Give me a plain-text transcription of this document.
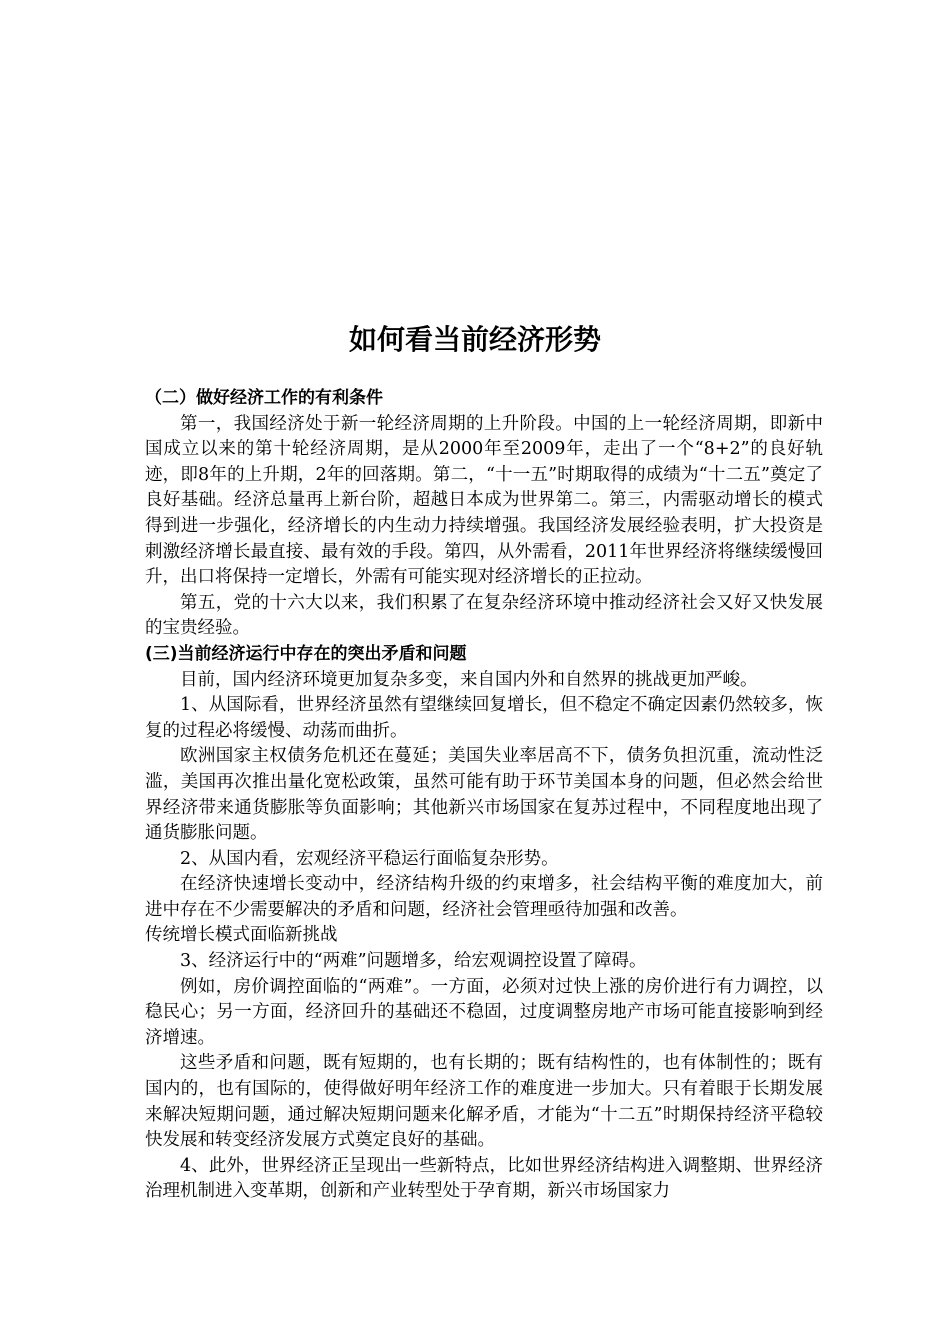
如何看当前经济形势
（二）做好经济工作的有利条件

第一，我国经济处于新一轮经济周期的上升阶段。中国的上一轮经济周期，即新中国成立以来的第十轮经济周期，是从2000年至2009年，走出了一个“8+2”的良好轨迹，即8年的上升期，2年的回落期。第二，“十一五”时期取得的成绩为“十二五”奠定了良好基础。经济总量再上新台阶，超越日本成为世界第二。第三，内需驱动增长的模式得到进一步强化，经济增长的内生动力持续增强。我国经济发展经验表明，扩大投资是刺激经济增长最直接、最有效的手段。第四，从外需看，2011年世界经济将继续缓慢回升，出口将保持一定增长，外需有可能实现对经济增长的正拉动。

第五，党的十六大以来，我们积累了在复杂经济环境中推动经济社会又好又快发展的宝贵经验。

(三)当前经济运行中存在的突出矛盾和问题

目前，国内经济环境更加复杂多变，来自国内外和自然界的挑战更加严峻。

1、从国际看，世界经济虽然有望继续回复增长，但不稳定不确定因素仍然较多，恢复的过程必将缓慢、动荡而曲折。

欧洲国家主权债务危机还在蔓延；美国失业率居高不下，债务负担沉重，流动性泛滥，美国再次推出量化宽松政策，虽然可能有助于环节美国本身的问题，但必然会给世界经济带来通货膨胀等负面影响；其他新兴市场国家在复苏过程中，不同程度地出现了通货膨胀问题。

2、从国内看，宏观经济平稳运行面临复杂形势。

在经济快速增长变动中，经济结构升级的约束增多，社会结构平衡的难度加大，前进中存在不少需要解决的矛盾和问题，经济社会管理亟待加强和改善。

传统增长模式面临新挑战

3、经济运行中的“两难”问题增多，给宏观调控设置了障碍。

例如，房价调控面临的“两难”。一方面，必须对过快上涨的房价进行有力调控，以稳民心；另一方面，经济回升的基础还不稳固，过度调整房地产市场可能直接影响到经济增速。

这些矛盾和问题，既有短期的，也有长期的；既有结构性的，也有体制性的；既有国内的，也有国际的，使得做好明年经济工作的难度进一步加大。只有着眼于长期发展来解决短期问题，通过解决短期问题来化解矛盾，才能为“十二五”时期保持经济平稳较快发展和转变经济发展方式奠定良好的基础。

4、此外，世界经济正呈现出一些新特点，比如世界经济结构进入调整期、世界经济治理机制进入变革期，创新和产业转型处于孕育期，新兴市场国家力
